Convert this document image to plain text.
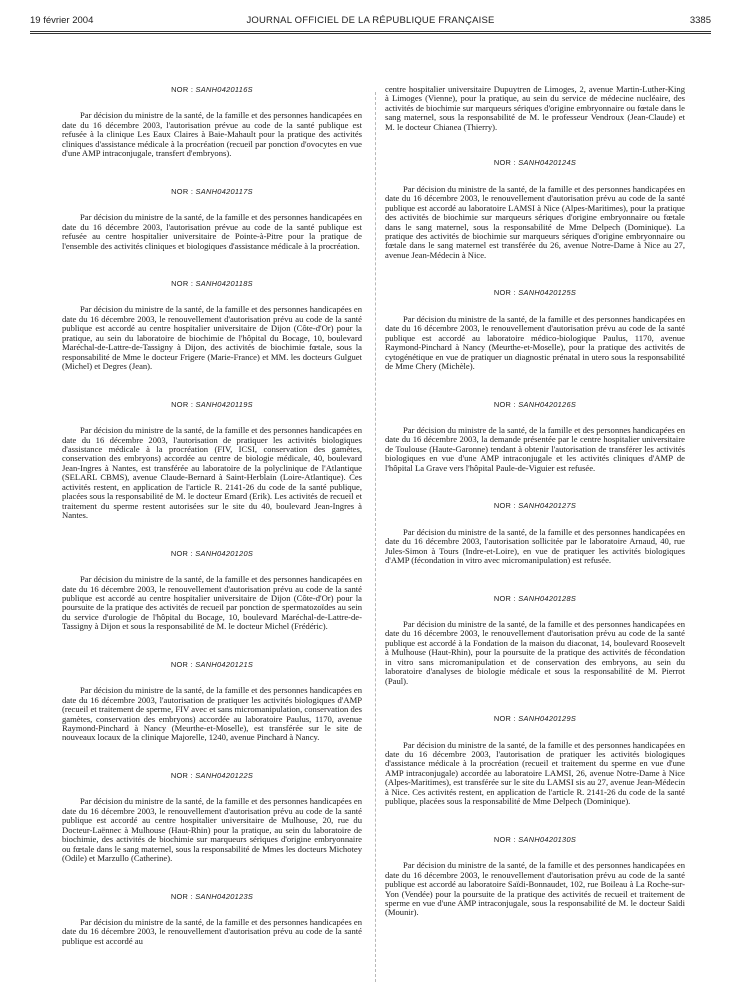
19 février 2004	JOURNAL OFFICIEL DE LA RÉPUBLIQUE FRANÇAISE	3385
NOR : SANH0420116S

Par décision du ministre de la santé, de la famille et des personnes handicapées en date du 16 décembre 2003, l'autorisation prévue au code de la santé publique est refusée à la clinique Les Eaux Claires à Baie-Mahault pour la pratique des activités cliniques d'assistance médicale à la procréation (recueil par ponction d'ovocytes en vue d'une AMP intraconjugale, transfert d'embryons).

NOR : SANH0420117S

Par décision du ministre de la santé, de la famille et des personnes handicapées en date du 16 décembre 2003, l'autorisation prévue au code de la santé publique est refusée au centre hospitalier universitaire de Pointe-à-Pitre pour la pratique de l'ensemble des activités cliniques et biologiques d'assistance médicale à la procréation.

NOR : SANH0420118S

Par décision du ministre de la santé, de la famille et des personnes handicapées en date du 16 décembre 2003, le renouvellement d'autorisation prévu au code de la santé publique est accordé au centre hospitalier universitaire de Dijon (Côte-d'Or) pour la pratique, au sein du laboratoire de biochimie de l'hôpital du Bocage, 10, boulevard Maréchal-de-Lattre-de-Tassigny à Dijon, des activités de biochimie fœtale, sous la responsabilité de Mme le docteur Frigere (Marie-France) et MM. les docteurs Gulguet (Michel) et Degres (Jean).

NOR : SANH0420119S

Par décision du ministre de la santé, de la famille et des personnes handicapées en date du 16 décembre 2003, l'autorisation de pratiquer les activités biologiques d'assistance médicale à la procréation (FIV, ICSI, conservation des gamètes, conservation des embryons) accordée au centre de biologie médicale, 40, boulevard Jean-Ingres à Nantes, est transférée au laboratoire de la polyclinique de l'Atlantique (SELARL CBMS), avenue Claude-Bernard à Saint-Herblain (Loire-Atlantique). Ces activités restent, en application de l'article R. 2141-26 du code de la santé publique, placées sous la responsabilité de M. le docteur Emard (Erik). Les activités de recueil et traitement du sperme restent autorisées sur le site du 40, boulevard Jean-Ingres à Nantes.

NOR : SANH0420120S

Par décision du ministre de la santé, de la famille et des personnes handicapées en date du 16 décembre 2003, le renouvellement d'autorisation prévu au code de la santé publique est accordé au centre hospitalier universitaire de Dijon (Côte-d'Or) pour la poursuite de la pratique des activités de recueil par ponction de spermatozoïdes au sein du service d'urologie de l'hôpital du Bocage, 10, boulevard Maréchal-de-Lattre-de-Tassigny à Dijon et sous la responsabilité de M. le docteur Michel (Frédéric).

NOR : SANH0420121S

Par décision du ministre de la santé, de la famille et des personnes handicapées en date du 16 décembre 2003, l'autorisation de pratiquer les activités biologiques d'AMP (recueil et traitement de sperme, FIV avec et sans micromanipulation, conservation des gamètes, conservation des embryons) accordée au laboratoire Paulus, 1170, avenue Raymond-Pinchard à Nancy (Meurthe-et-Moselle), est transférée sur le site de nouveaux locaux de la clinique Majorelle, 1240, avenue Pinchard à Nancy.

NOR : SANH0420122S

Par décision du ministre de la santé, de la famille et des personnes handicapées en date du 16 décembre 2003, le renouvellement d'autorisation prévu au code de la santé publique est accordé au centre hospitalier universitaire de Mulhouse, 20, rue du Docteur-Laënnec à Mulhouse (Haut-Rhin) pour la pratique, au sein du laboratoire de biochimie, des activités de biochimie sur marqueurs sériques d'origine embryonnaire ou fœtale dans le sang maternel, sous la responsabilité de Mmes les docteurs Michotey (Odile) et Marzullo (Catherine).

NOR : SANH0420123S

Par décision du ministre de la santé, de la famille et des personnes handicapées en date du 16 décembre 2003, le renouvellement d'autorisation prévu au code de la santé publique est accordé au

centre hospitalier universitaire Dupuytren de Limoges, 2, avenue Martin-Luther-King à Limoges (Vienne), pour la pratique, au sein du service de médecine nucléaire, des activités de biochimie sur marqueurs sériques d'origine embryonnaire ou fœtale dans le sang maternel, sous la responsabilité de M. le professeur Vendroux (Jean-Claude) et M. le docteur Chianea (Thierry).

NOR : SANH0420124S

Par décision du ministre de la santé, de la famille et des personnes handicapées en date du 16 décembre 2003, le renouvellement d'autorisation prévu au code de la santé publique est accordé au laboratoire LAMSI à Nice (Alpes-Maritimes), pour la pratique des activités de biochimie sur marqueurs sériques d'origine embryonnaire ou fœtale dans le sang maternel, sous la responsabilité de Mme Delpech (Dominique). La pratique des activités de biochimie sur marqueurs sériques d'origine embryonnaire ou fœtale dans le sang maternel est transférée du 26, avenue Notre-Dame à Nice au 27, avenue Jean-Médecin à Nice.

NOR : SANH0420125S

Par décision du ministre de la santé, de la famille et des personnes handicapées en date du 16 décembre 2003, le renouvellement d'autorisation prévu au code de la santé publique est accordé au laboratoire médico-biologique Paulus, 1170, avenue Raymond-Pinchard à Nancy (Meurthe-et-Moselle), pour la pratique des activités de cytogénétique en vue de pratiquer un diagnostic prénatal in utero sous la responsabilité de Mme Chery (Michèle).

NOR : SANH0420126S

Par décision du ministre de la santé, de la famille et des personnes handicapées en date du 16 décembre 2003, la demande présentée par le centre hospitalier universitaire de Toulouse (Haute-Garonne) tendant à obtenir l'autorisation de transférer les activités biologiques en vue d'une AMP intraconjugale et les activités cliniques d'AMP de l'hôpital La Grave vers l'hôpital Paule-de-Viguier est refusée.

NOR : SANH0420127S

Par décision du ministre de la santé, de la famille et des personnes handicapées en date du 16 décembre 2003, l'autorisation sollicitée par le laboratoire Arnaud, 40, rue Jules-Simon à Tours (Indre-et-Loire), en vue de pratiquer les activités biologiques d'AMP (fécondation in vitro avec micromanipulation) est refusée.

NOR : SANH0420128S

Par décision du ministre de la santé, de la famille et des personnes handicapées en date du 16 décembre 2003, le renouvellement d'autorisation prévu au code de la santé publique est accordé à la Fondation de la maison du diaconat, 14, boulevard Roosevelt à Mulhouse (Haut-Rhin), pour la poursuite de la pratique des activités de fécondation in vitro sans micromanipulation et de conservation des embryons, au sein du laboratoire d'analyses de biologie médicale et sous la responsabilité de M. Pierrot (Paul).

NOR : SANH0420129S

Par décision du ministre de la santé, de la famille et des personnes handicapées en date du 16 décembre 2003, l'autorisation de pratiquer les activités biologiques d'assistance médicale à la procréation (recueil et traitement du sperme en vue d'une AMP intraconjugale) accordée au laboratoire LAMSI, 26, avenue Notre-Dame à Nice (Alpes-Maritimes), est transférée sur le site du LAMSI sis au 27, avenue Jean-Médecin à Nice. Ces activités restent, en application de l'article R. 2141-26 du code de la santé publique, placées sous la responsabilité de Mme Delpech (Dominique).

NOR : SANH0420130S

Par décision du ministre de la santé, de la famille et des personnes handicapées en date du 16 décembre 2003, le renouvellement d'autorisation prévu au code de la santé publique est accordé au laboratoire Saïdi-Bonnaudet, 102, rue Boileau à La Roche-sur-Yon (Vendée) pour la poursuite de la pratique des activités de recueil et traitement de sperme en vue d'une AMP intraconjugale, sous la responsabilité de M. le docteur Saïdi (Mounir).
